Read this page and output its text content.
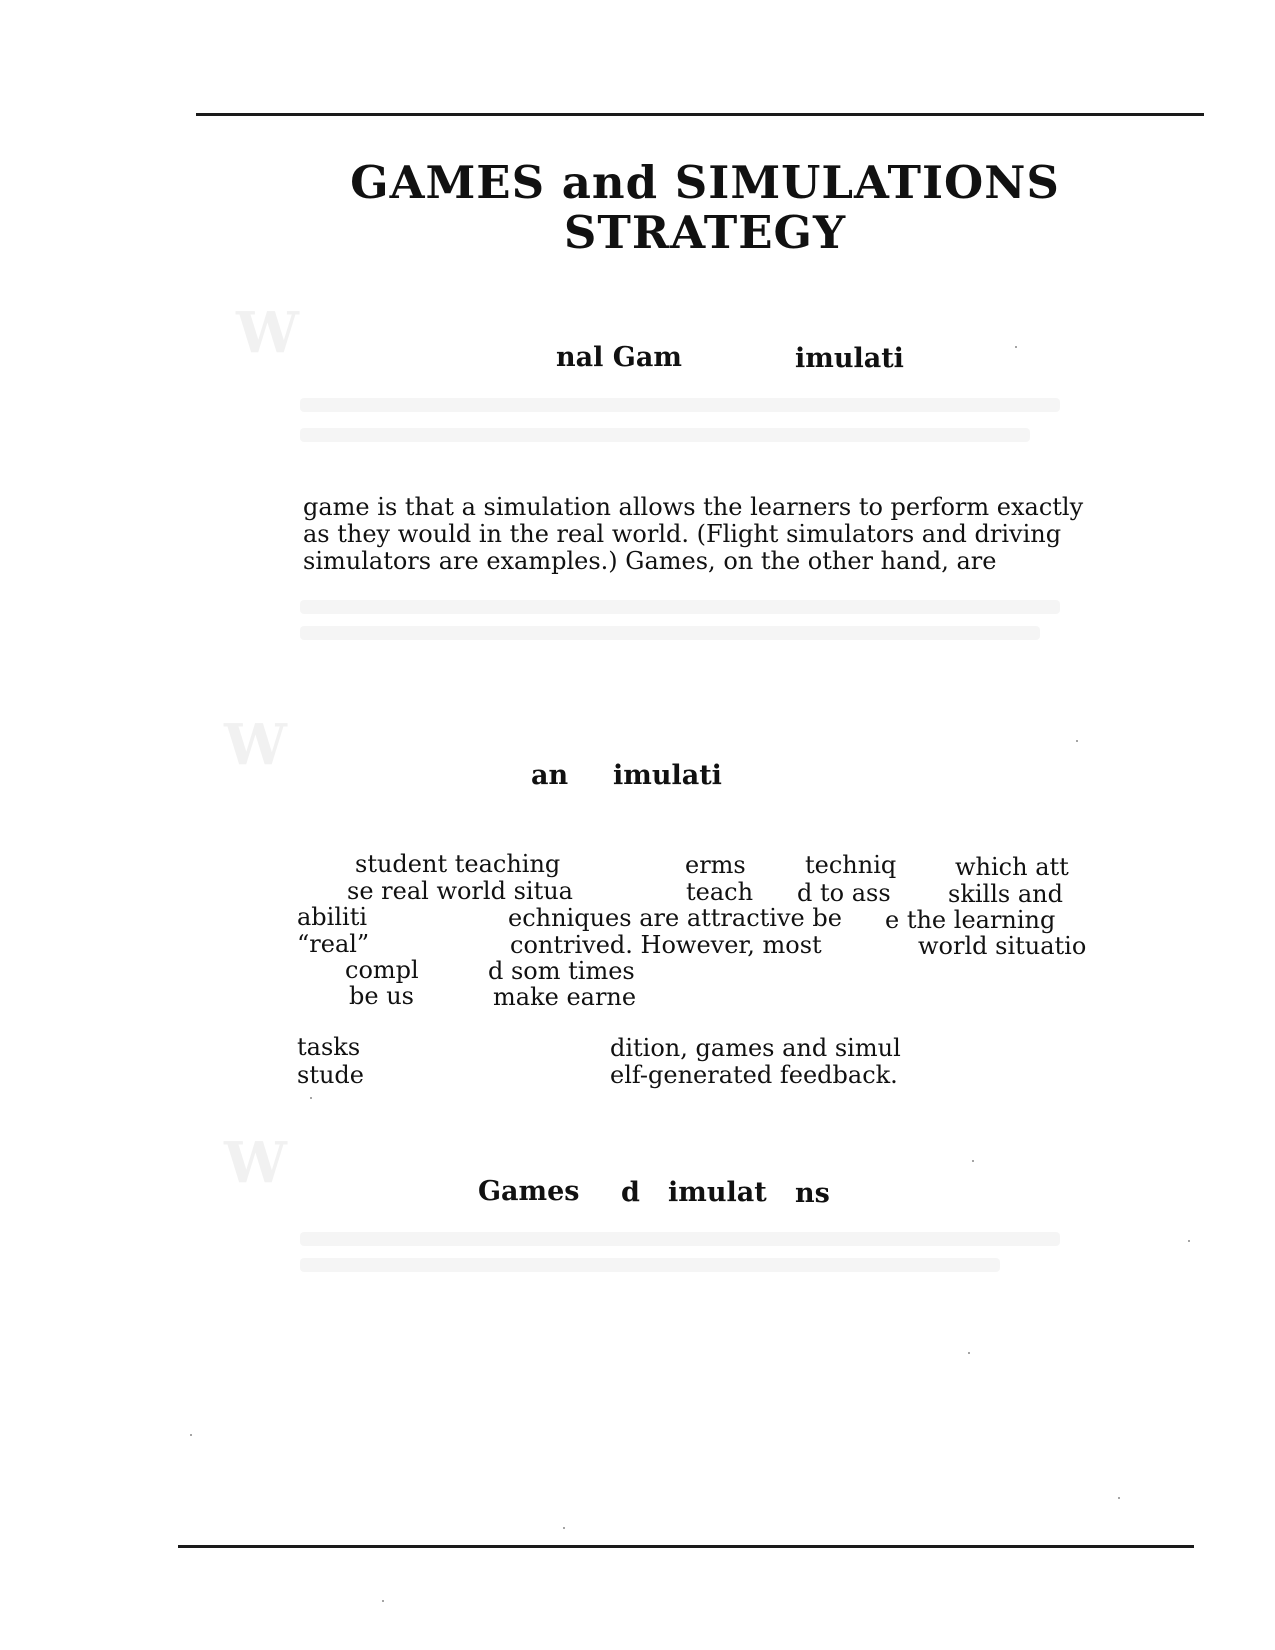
GAMES and SIMULATIONS
STRATEGY
W
W
W
nal Gam	imulati
game is that a simulation allows the learners to perform exactly
as they would in the real world. (Flight simulators and driving
simulators are examples.) Games, on the other hand, are
an imulati
student teaching	erms techniq which att
se real world situa	teach d to ass skills and
abiliti	echniques are attractive be e the learning
“real”	contrived. However, most	world situatio
compl	d som times
be us	make earne
tasks	dition, games and simul
stude	elf-generated feedback.
Games d imulat ns
